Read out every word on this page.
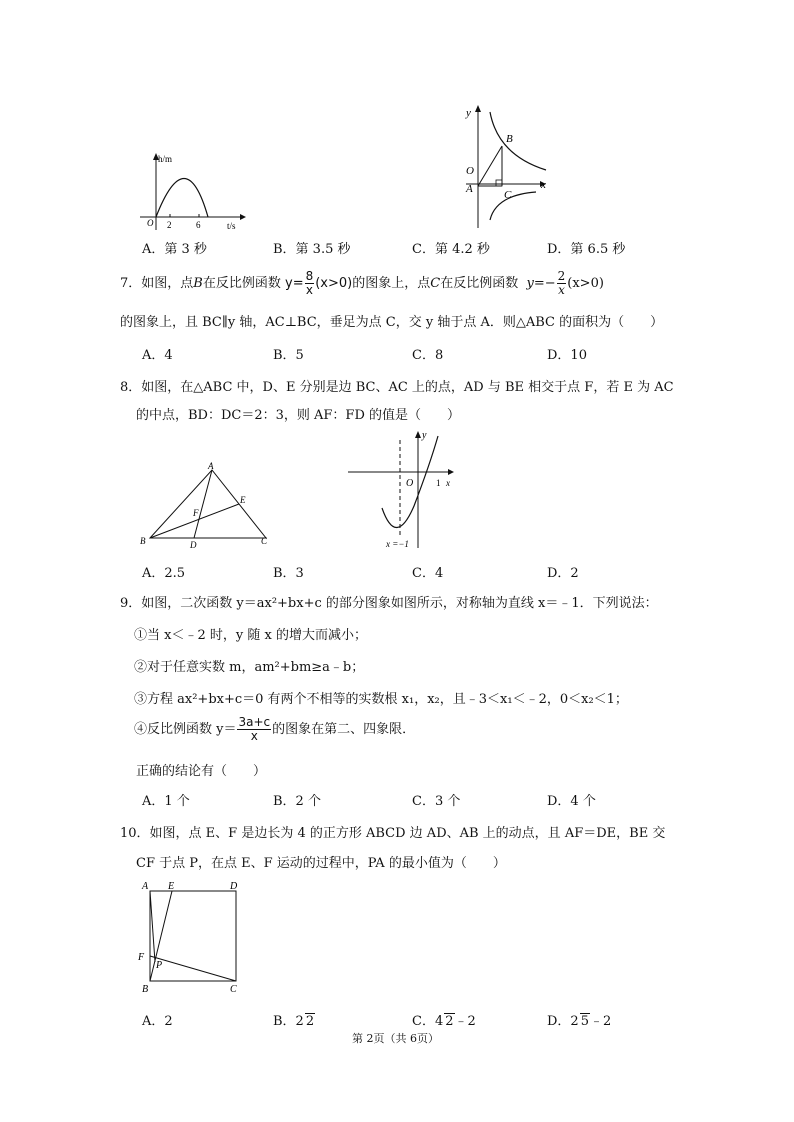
h/m
t/s
O 2	6
y
x
O
A
B
C
A．第 3 秒	B．第 3.5 秒	C．第 4.2 秒	D．第 6.5 秒
7．如图，点B在反比例函数 $y= \frac{8}{x} (x>0)$的图象上，点C在反比例函数 $y=- \frac{2}{x}(x>0)$
的图象上，且 BC∥y 轴，AC⊥BC，垂足为点 C，交 y 轴于点 A．则△ABC 的面积为（　　）
A．4	B．5	C．8	D．10
8．如图，在△ABC 中，D、E 分别是边 BC、AC 上的点，AD 与 BE 相交于点 F，若 E 为 AC
的中点，BD：DC＝2：3，则 AF：FD 的值是（　　）
A
B	C
D
E
F
y
x
O	1
x =−1
A．2.5	B．3	C．4	D．2
9．如图，二次函数 y＝ax²+bx+c 的部分图象如图所示，对称轴为直线 x＝﹣1．下列说法：
①当 x＜﹣2 时，y 随 x 的增大而减小；
②对于任意实数 m，am²+bm≥a﹣b；
③方程 ax²+bx+c＝0 有两个不相等的实数根 x₁，x₂，且﹣3＜x₁＜﹣2，0＜x₂＜1；
④反比例函数 $y= \frac{3a+c}{x}$ 的图象在第二、四象限．
正确的结论有（　　）
A．1 个	B．2 个	C．3 个	D．4 个
10．如图，点 E、F 是边长为 4 的正方形 ABCD 边 AD、AB 上的动点，且 AF＝DE，BE 交
CF 于点 P，在点 E、F 运动的过程中，PA 的最小值为（　　）
A E	D
F
P
B	C
A．2	B．2 2	C．4 2﹣2	D．2 5﹣2
第 2页（共 6页）
